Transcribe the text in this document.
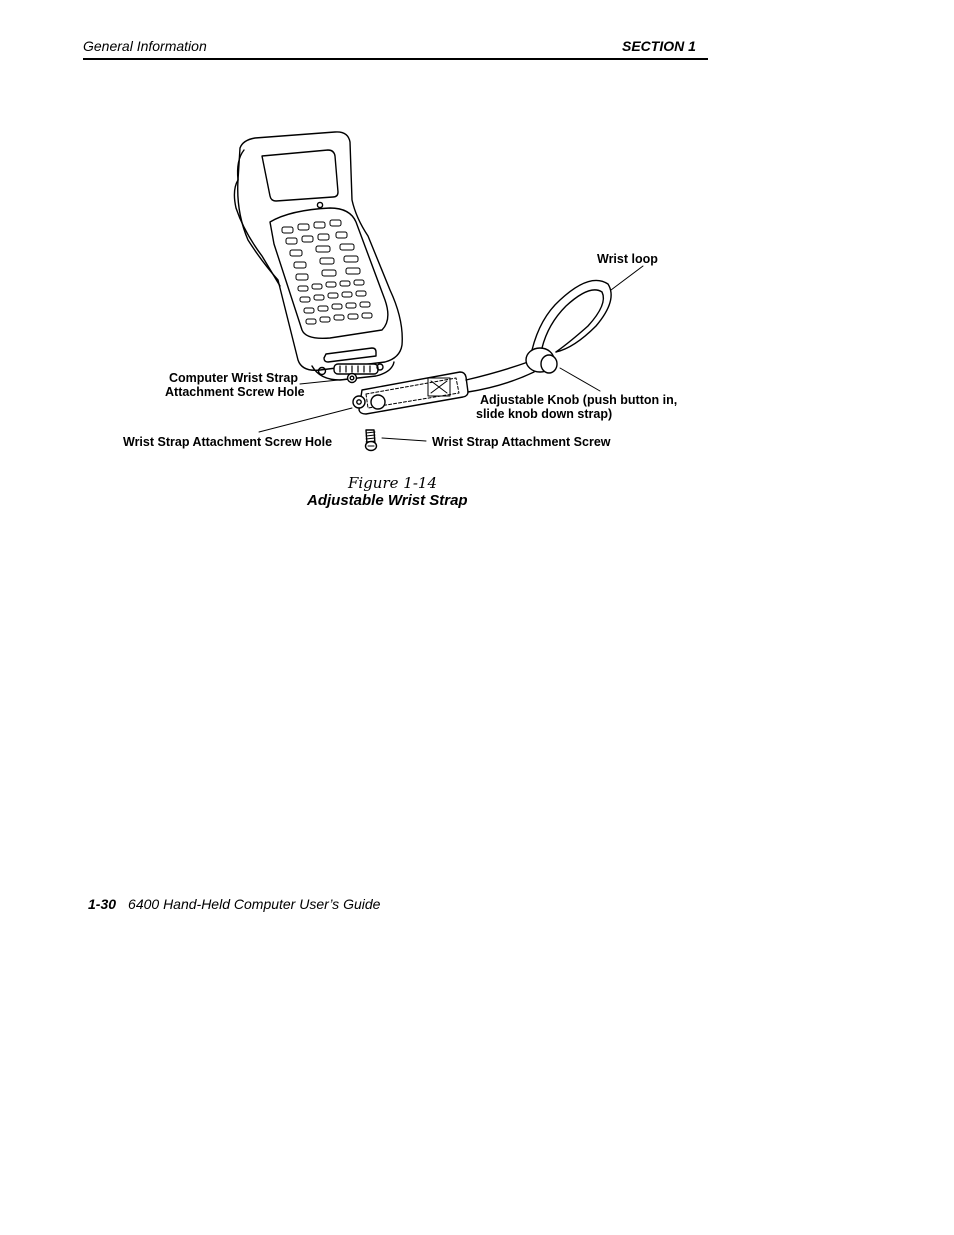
General Information	SECTION 1
Wrist loop
Computer Wrist Strap
Attachment Screw Hole
Adjustable Knob (push button in,
slide knob down strap)
Wrist Strap Attachment Screw Hole	Wrist Strap Attachment Screw
Figure 1-14
Adjustable Wrist Strap
1-30 6400 Hand-Held Computer User’s Guide
